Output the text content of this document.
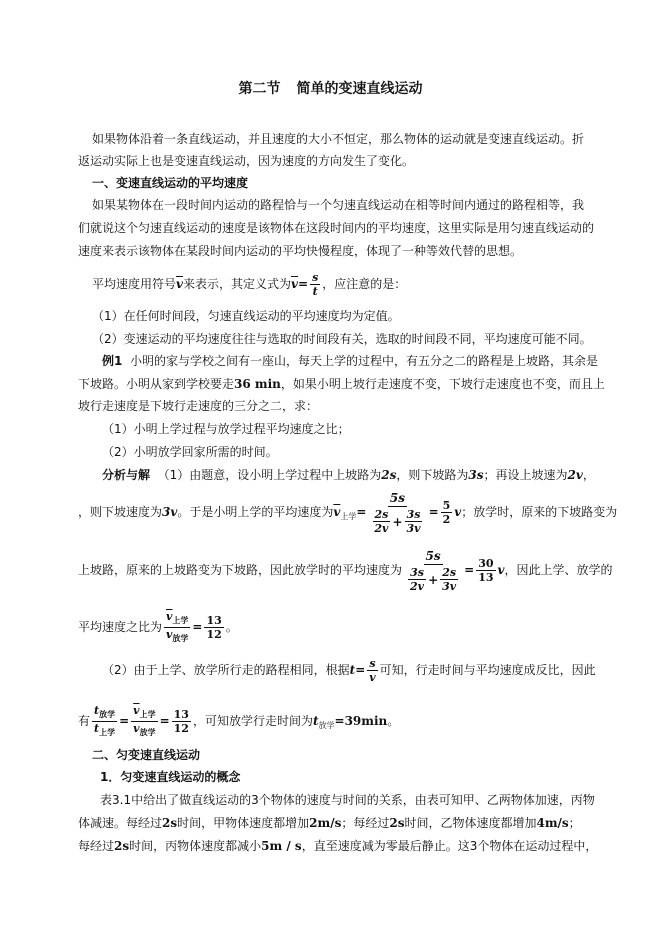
第二节 简单的变速直线运动
如果物体沿着一条直线运动，并且速度的大小不恒定，那么物体的运动就是变速直线运动。折
返运动实际上也是变速直线运动，因为速度的方向发生了变化。
一、变速直线运动的平均速度
如果某物体在一段时间内运动的路程恰与一个匀速直线运动在相等时间内通过的路程相等，我
们就说这个匀速直线运动的速度是该物体在这段时间内的平均速度，这里实际是用匀速直线运动的
速度来表示该物体在某段时间内运动的平均快慢程度，体现了一种等效代替的思想。
平均速度用符号$\overline{v}$来表示，其定义式为$\overline{v}= \frac{s}{t}$ ，应注意的是：
（1）在任何时间段，匀速直线运动的平均速度均为定值。
（2）变速运动的平均速度往往与选取的时间段有关，选取的时间段不同，平均速度可能不同。
例1 小明的家与学校之间有一座山，每天上学的过程中，有五分之二的路程是上坡路，其余是
下坡路。小明从家到学校要走36 min，如果小明上坡行走速度不变，下坡行走速度也不变，而且上
坡行走速度是下坡行走速度的三分之二，求：
（1）小明上学过程与放学过程平均速度之比；
（2）小明放学回家所需的时间。
分析与解 （1）由题意，设小明上学过程中上坡路为2s，则下坡路为3s；再设上坡速为2v，
，则下坡速度为3v。于是小明上学的平均速度为$\overline{v}_{上学}= \frac{5s}{\frac{2s}{2v} + \frac{3s}{3v}} = \frac{5}{2}$ v；放学时，原来的下坡路变为
上坡路，原来的上坡路变为下坡路，因此放学时的平均速度为 $\frac{5s}{\frac{3s}{2v} + \frac{2s}{3v}} = \frac{30}{13}$ v，因此上学、放学的
平均速度之比为 $\frac{\overline{v}_{上学}}{\overline{v}_{放学}} = \frac{13}{12}$ 。
（2）由于上学、放学所行走的路程相同，根据$t= \frac{s}{v}$ 可知，行走时间与平均速度成反比，因此
有 $\frac{t_{放学}}{t_{上学}} = \frac{\overline{v}_{上学}}{\overline{v}_{放学}} = \frac{13}{12}$ ，可知放学行走时间为$t_{放学}=39\min$。
二、匀变速直线运动
1．匀变速直线运动的概念
表3.1中给出了做直线运动的3个物体的速度与时间的关系，由表可知甲、乙两物体加速，丙物
体减速。每经过2s时间，甲物体速度都增加2m/s；每经过2s时间，乙物体速度都增加4m/s；
每经过2s时间，丙物体速度都减小5m / s，直至速度减为零最后静止。这3个物体在运动过程中，
